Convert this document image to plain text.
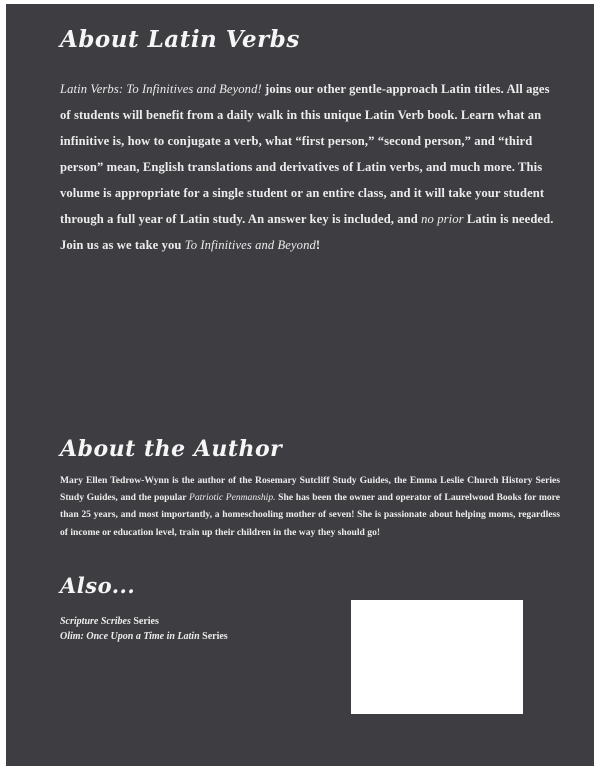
About Latin Verbs

Latin Verbs: To Infinitives and Beyond! joins our other gentle-approach Latin titles. All ages of students will benefit from a daily walk in this unique Latin Verb book. Learn what an infinitive is, how to conjugate a verb, what “first person,” “second person,” and “third person” mean, English translations and derivatives of Latin verbs, and much more. This volume is appropriate for a single student or an entire class, and it will take your student through a full year of Latin study. An answer key is included, and no prior Latin is needed. Join us as we take you To Infinitives and Beyond!

About the Author

Mary Ellen Tedrow-Wynn is the author of the Rosemary Sutcliff Study Guides, the Emma Leslie Church History Series Study Guides, and the popular Patriotic Penmanship. She has been the owner and operator of Laurelwood Books for more than 25 years, and most importantly, a homeschooling mother of seven! She is passionate about helping moms, regardless of income or education level, train up their children in the way they should go!

Also...
Scripture Scribes Series
Olim: Once Upon a Time in Latin Series
